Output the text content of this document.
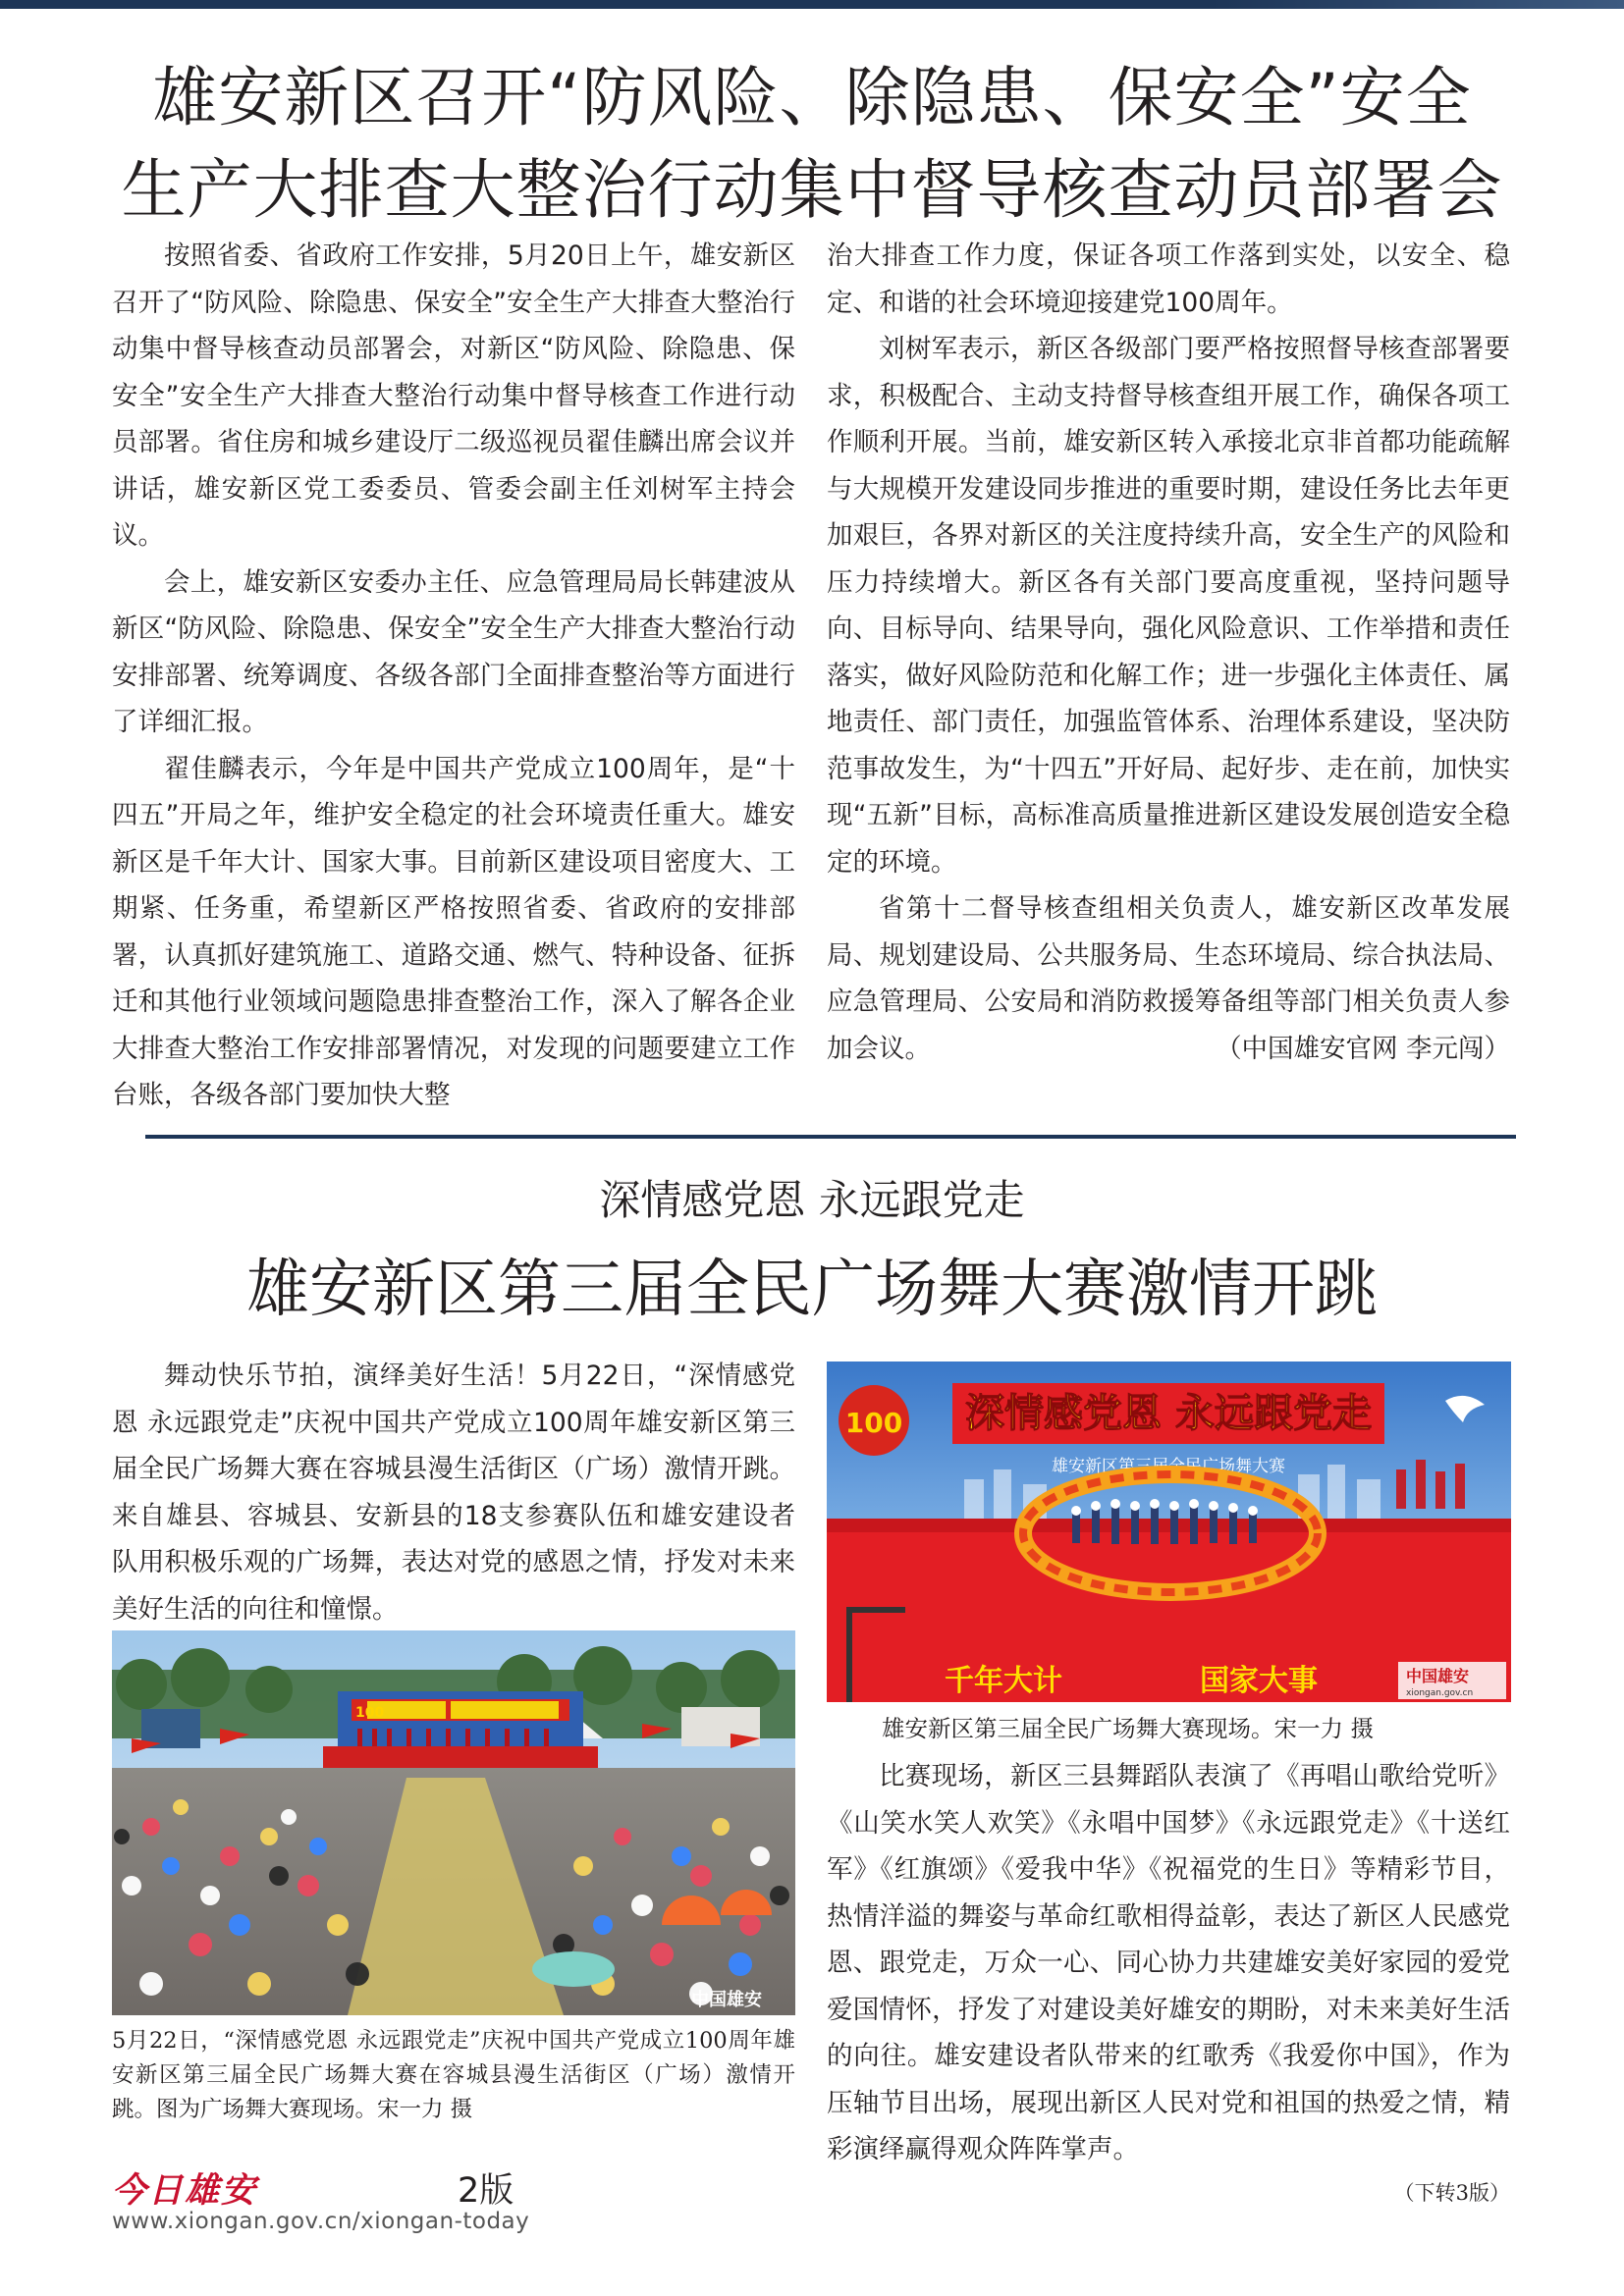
雄安新区召开“防风险、除隐患、保安全”安全
生产大排查大整治行动集中督导核查动员部署会

按照省委、省政府工作安排，5月20日上午，雄安新区召开了“防风险、除隐患、保安全”安全生产大排查大整治行动集中督导核查动员部署会，对新区“防风险、除隐患、保安全”安全生产大排查大整治行动集中督导核查工作进行动员部署。省住房和城乡建设厅二级巡视员翟佳麟出席会议并讲话，雄安新区党工委委员、管委会副主任刘树军主持会议。

会上，雄安新区安委办主任、应急管理局局长韩建波从新区“防风险、除隐患、保安全”安全生产大排查大整治行动安排部署、统筹调度、各级各部门全面排查整治等方面进行了详细汇报。

翟佳麟表示，今年是中国共产党成立100周年，是“十四五”开局之年，维护安全稳定的社会环境责任重大。雄安新区是千年大计、国家大事。目前新区建设项目密度大、工期紧、任务重，希望新区严格按照省委、省政府的安排部署，认真抓好建筑施工、道路交通、燃气、特种设备、征拆迁和其他行业领域问题隐患排查整治工作，深入了解各企业大排查大整治工作安排部署情况，对发现的问题要建立工作台账，各级各部门要加快大整

治大排查工作力度，保证各项工作落到实处，以安全、稳定、和谐的社会环境迎接建党100周年。

刘树军表示，新区各级部门要严格按照督导核查部署要求，积极配合、主动支持督导核查组开展工作，确保各项工作顺利开展。当前，雄安新区转入承接北京非首都功能疏解与大规模开发建设同步推进的重要时期，建设任务比去年更加艰巨，各界对新区的关注度持续升高，安全生产的风险和压力持续增大。新区各有关部门要高度重视，坚持问题导向、目标导向、结果导向，强化风险意识、工作举措和责任落实，做好风险防范和化解工作；进一步强化主体责任、属地责任、部门责任，加强监管体系、治理体系建设，坚决防范事故发生，为“十四五”开好局、起好步、走在前，加快实现“五新”目标，高标准高质量推进新区建设发展创造安全稳定的环境。

省第十二督导核查组相关负责人，雄安新区改革发展局、规划建设局、公共服务局、生态环境局、综合执法局、应急管理局、公安局和消防救援筹备组等部门相关负责人参加会议。	（中国雄安官网 李元闯）

深情感党恩 永远跟党走
雄安新区第三届全民广场舞大赛激情开跳

舞动快乐节拍，演绎美好生活！5月22日，“深情感党恩 永远跟党走”庆祝中国共产党成立100周年雄安新区第三届全民广场舞大赛在容城县漫生活街区（广场）激情开跳。来自雄县、容城县、安新县的18支参赛队伍和雄安建设者队用积极乐观的广场舞，表达对党的感恩之情，抒发对未来美好生活的向往和憧憬。

100
中国雄安
5月22日，“深情感党恩 永远跟党走”庆祝中国共产党成立100周年雄安新区第三届全民广场舞大赛在容城县漫生活街区（广场）激情开跳。图为广场舞大赛现场。宋一力 摄
100 深情感党恩 永远跟党走
雄安新区第三届全民广场舞大赛
千年大计	国家大事	中国雄安
xiongan.gov.cn
雄安新区第三届全民广场舞大赛现场。宋一力 摄

比赛现场，新区三县舞蹈队表演了《再唱山歌给党听》《山笑水笑人欢笑》《永唱中国梦》《永远跟党走》《十送红军》《红旗颂》《爱我中华》《祝福党的生日》等精彩节目，热情洋溢的舞姿与革命红歌相得益彰，表达了新区人民感党恩、跟党走，万众一心、同心协力共建雄安美好家园的爱党爱国情怀，抒发了对建设美好雄安的期盼，对未来美好生活的向往。雄安建设者队带来的红歌秀《我爱你中国》，作为压轴节目出场，展现出新区人民对党和祖国的热爱之情，精彩演绎赢得观众阵阵掌声。

（下转3版）

今日雄安	2版
www.xiongan.gov.cn/xiongan-today
